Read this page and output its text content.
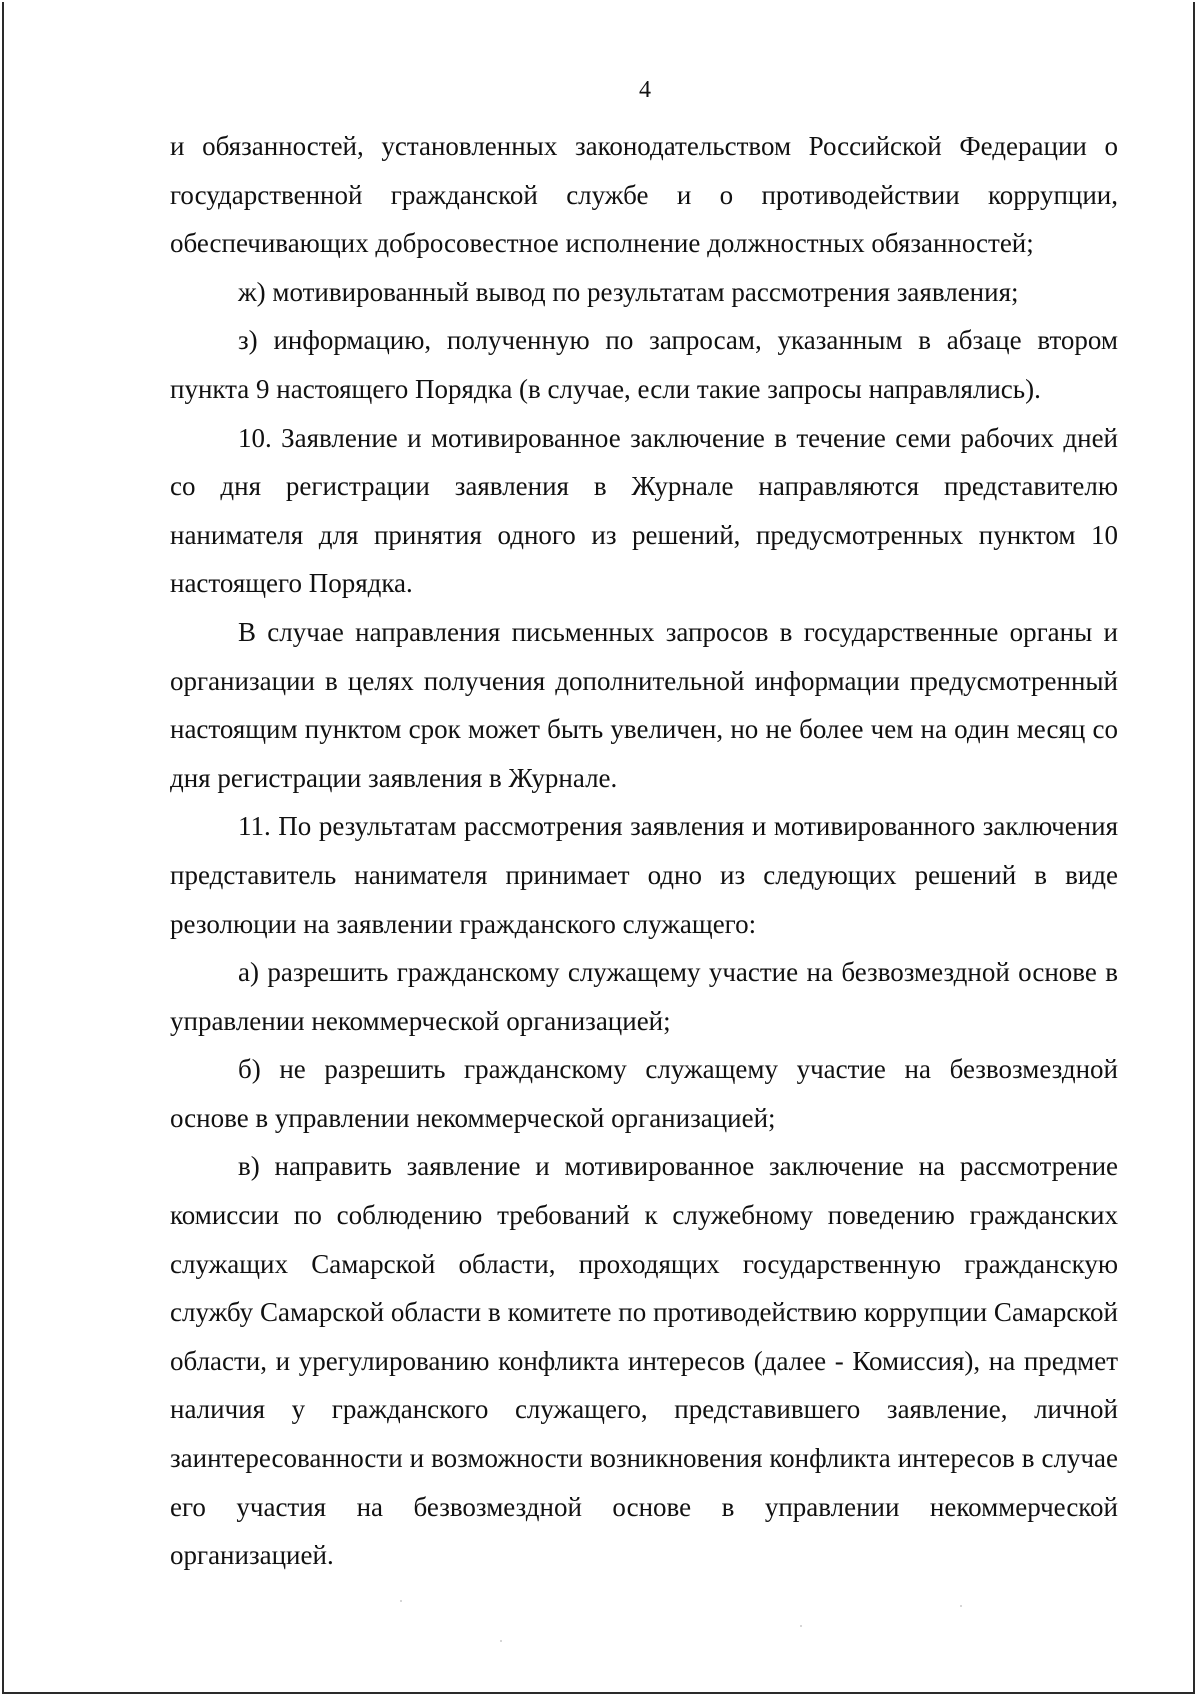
4

и обязанностей, установленных законодательством Российской Федерации о государственной гражданской службе и о противодействии коррупции, обеспечивающих добросовестное исполнение должностных обязанностей;

ж) мотивированный вывод по результатам рассмотрения заявления;

з) информацию, полученную по запросам, указанным в абзаце втором пункта 9 настоящего Порядка (в случае, если такие запросы направлялись).

10. Заявление и мотивированное заключение в течение семи рабочих дней со дня регистрации заявления в Журнале направляются представителю нанимателя для принятия одного из решений, предусмотренных пунктом 10 настоящего Порядка.

В случае направления письменных запросов в государственные органы и организации в целях получения дополнительной информации предусмотренный настоящим пунктом срок может быть увеличен, но не более чем на один месяц со дня регистрации заявления в Журнале.

11. По результатам рассмотрения заявления и мотивированного заключения представитель нанимателя принимает одно из следующих решений в виде резолюции на заявлении гражданского служащего:

а) разрешить гражданскому служащему участие на безвозмездной основе в управлении некоммерческой организацией;

б) не разрешить гражданскому служащему участие на безвозмездной основе в управлении некоммерческой организацией;

в) направить заявление и мотивированное заключение на рассмотрение комиссии по соблюдению требований к служебному поведению гражданских служащих Самарской области, проходящих государственную гражданскую службу Самарской области в комитете по противодействию коррупции Самарской области, и урегулированию конфликта интересов (далее - Комиссия), на предмет наличия у гражданского служащего, представившего заявление, личной заинтересованности и возможности возникновения конфликта интересов в случае его участия на безвозмездной основе в управлении некоммерческой организацией.
